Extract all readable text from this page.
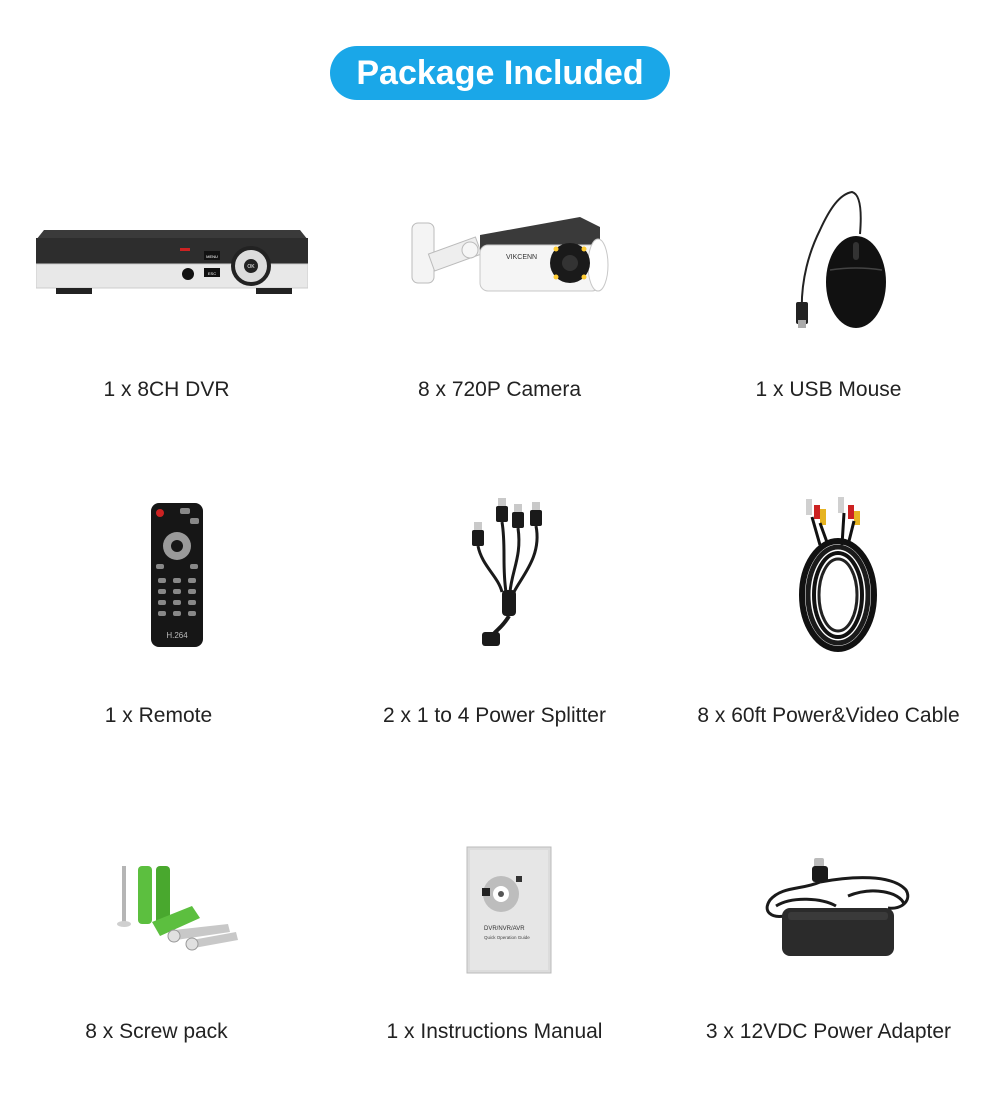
Package Included
MENU
ESC
OK
1 x 8CH DVR
VIKCENN
8 x 720P Camera	1 x USB Mouse
H.264
1 x Remote	2 x 1 to 4 Power Splitter	8 x 60ft Power&Video Cable
8 x Screw pack
DVR/NVR/AVR
Quick Operation Guide
1 x Instructions Manual	3 x 12VDC Power Adapter
